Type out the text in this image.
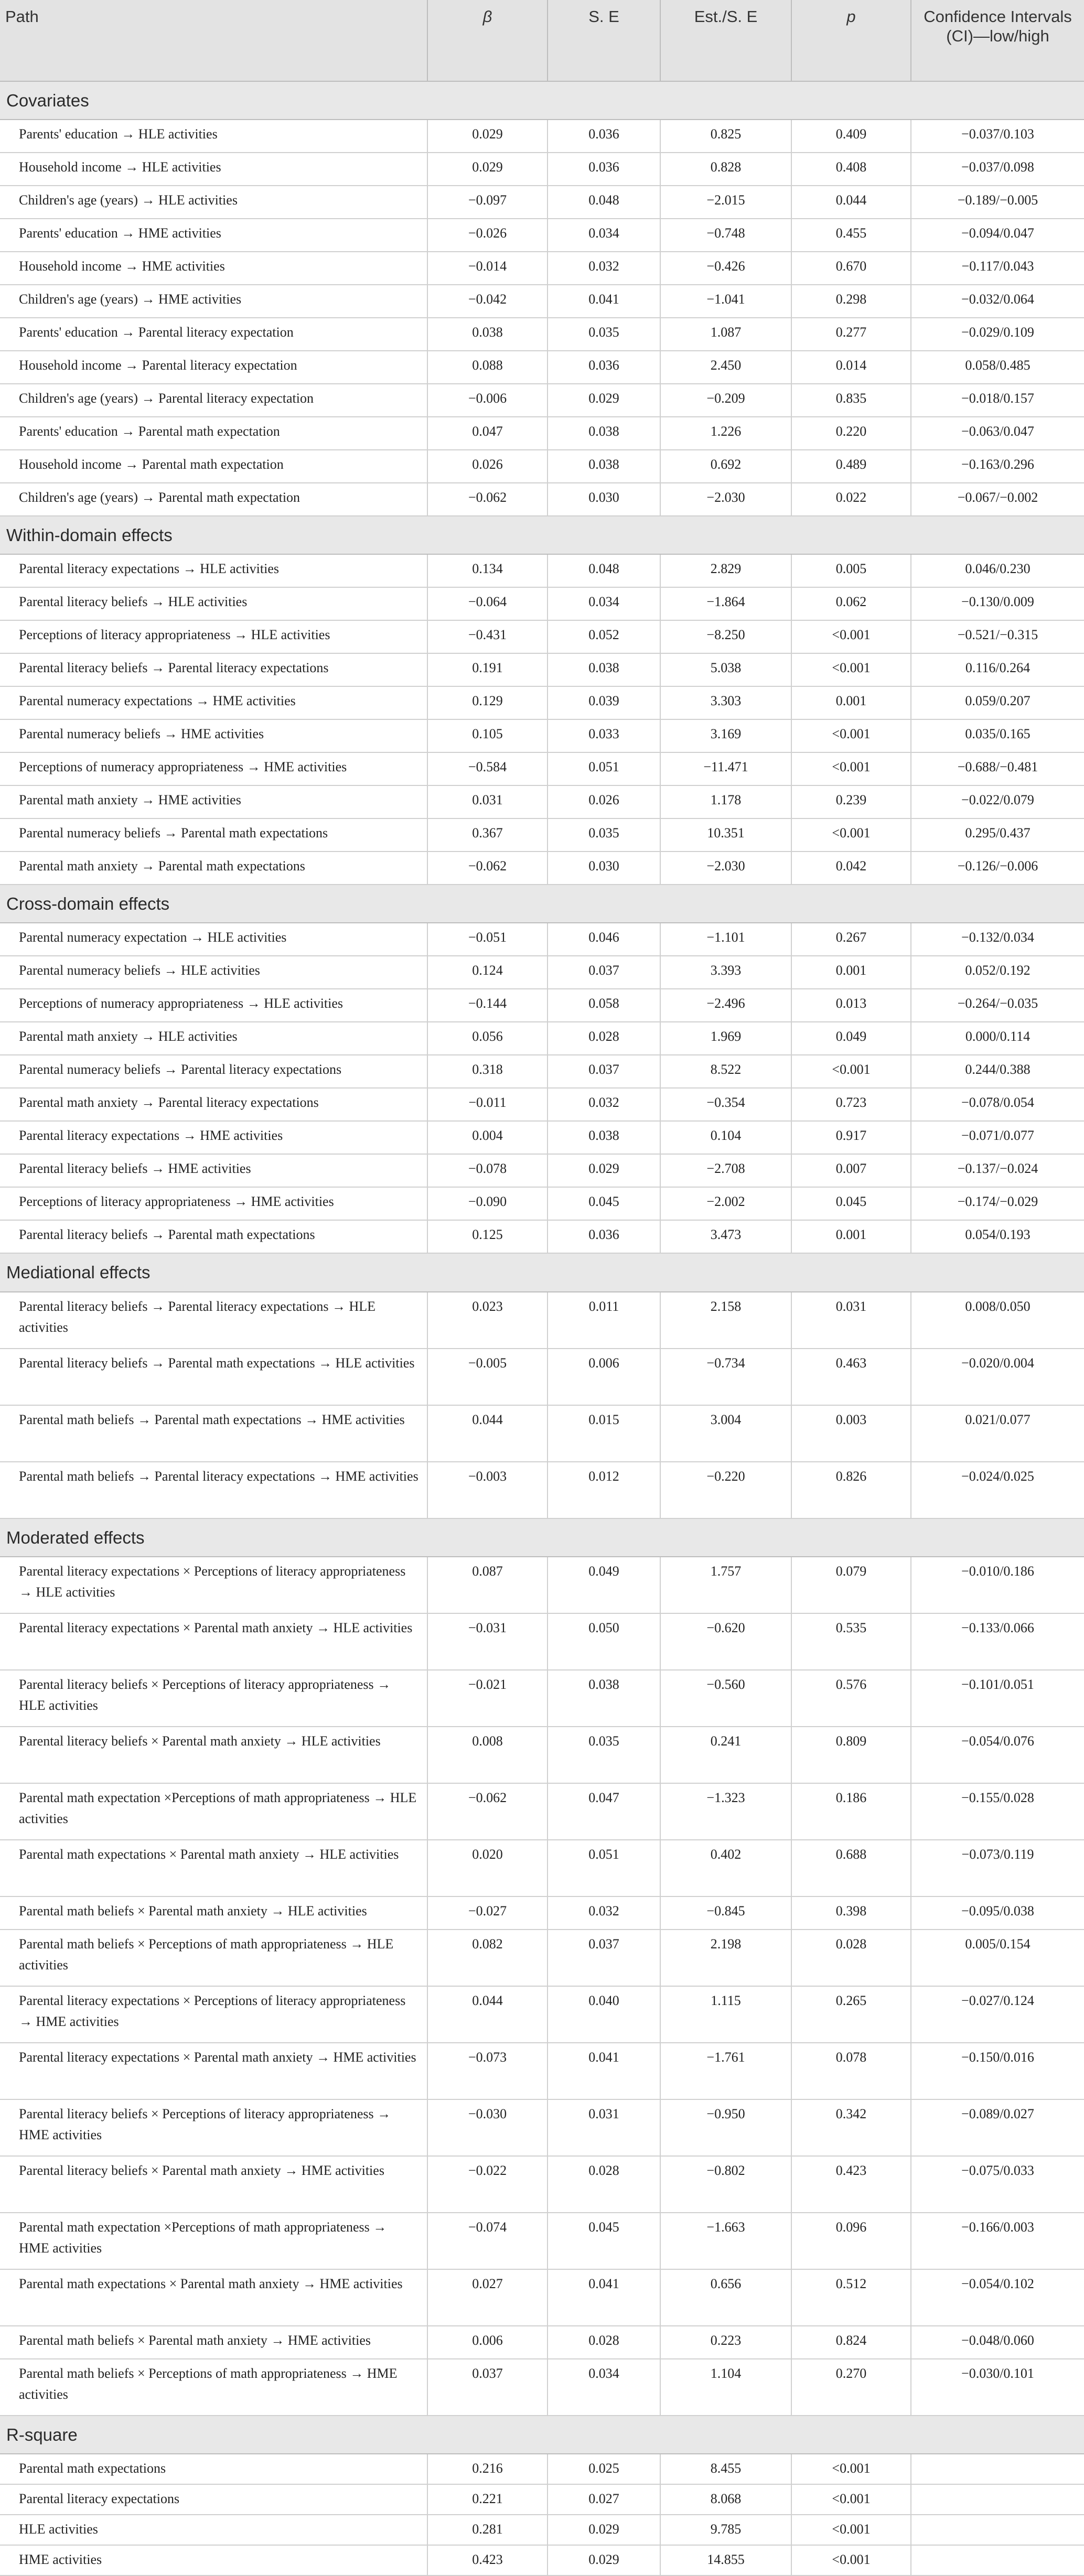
Path	β	S. E	Est./S. E	p	Confidence Intervals (CI)—low/high
Covariates					
Parents' education → HLE activities	0.029	0.036	0.825	0.409	−0.037/0.103
Household income → HLE activities	0.029	0.036	0.828	0.408	−0.037/0.098
Children's age (years) → HLE activities	−0.097	0.048	−2.015	0.044	−0.189/−0.005
Parents' education → HME activities	−0.026	0.034	−0.748	0.455	−0.094/0.047
Household income → HME activities	−0.014	0.032	−0.426	0.670	−0.117/0.043
Children's age (years) → HME activities	−0.042	0.041	−1.041	0.298	−0.032/0.064
Parents' education → Parental literacy expectation	0.038	0.035	1.087	0.277	−0.029/0.109
Household income → Parental literacy expectation	0.088	0.036	2.450	0.014	0.058/0.485
Children's age (years) → Parental literacy expectation	−0.006	0.029	−0.209	0.835	−0.018/0.157
Parents' education → Parental math expectation	0.047	0.038	1.226	0.220	−0.063/0.047
Household income → Parental math expectation	0.026	0.038	0.692	0.489	−0.163/0.296
Children's age (years) → Parental math expectation	−0.062	0.030	−2.030	0.022	−0.067/−0.002
Within-domain effects					
Parental literacy expectations → HLE activities	0.134	0.048	2.829	0.005	0.046/0.230
Parental literacy beliefs → HLE activities	−0.064	0.034	−1.864	0.062	−0.130/0.009
Perceptions of literacy appropriateness → HLE activities	−0.431	0.052	−8.250	<0.001	−0.521/−0.315
Parental literacy beliefs → Parental literacy expectations	0.191	0.038	5.038	<0.001	0.116/0.264
Parental numeracy expectations → HME activities	0.129	0.039	3.303	0.001	0.059/0.207
Parental numeracy beliefs → HME activities	0.105	0.033	3.169	<0.001	0.035/0.165
Perceptions of numeracy appropriateness → HME activities	−0.584	0.051	−11.471	<0.001	−0.688/−0.481
Parental math anxiety → HME activities	0.031	0.026	1.178	0.239	−0.022/0.079
Parental numeracy beliefs → Parental math expectations	0.367	0.035	10.351	<0.001	0.295/0.437
Parental math anxiety → Parental math expectations	−0.062	0.030	−2.030	0.042	−0.126/−0.006
Cross-domain effects					
Parental numeracy expectation → HLE activities	−0.051	0.046	−1.101	0.267	−0.132/0.034
Parental numeracy beliefs → HLE activities	0.124	0.037	3.393	0.001	0.052/0.192
Perceptions of numeracy appropriateness → HLE activities	−0.144	0.058	−2.496	0.013	−0.264/−0.035
Parental math anxiety → HLE activities	0.056	0.028	1.969	0.049	0.000/0.114
Parental numeracy beliefs → Parental literacy expectations	0.318	0.037	8.522	<0.001	0.244/0.388
Parental math anxiety → Parental literacy expectations	−0.011	0.032	−0.354	0.723	−0.078/0.054
Parental literacy expectations → HME activities	0.004	0.038	0.104	0.917	−0.071/0.077
Parental literacy beliefs → HME activities	−0.078	0.029	−2.708	0.007	−0.137/−0.024
Perceptions of literacy appropriateness → HME activities	−0.090	0.045	−2.002	0.045	−0.174/−0.029
Parental literacy beliefs → Parental math expectations	0.125	0.036	3.473	0.001	0.054/0.193
Mediational effects					
Parental literacy beliefs → Parental literacy expectations → HLE activities	0.023	0.011	2.158	0.031	0.008/0.050
Parental literacy beliefs → Parental math expectations → HLE activities	−0.005	0.006	−0.734	0.463	−0.020/0.004
Parental math beliefs → Parental math expectations → HME activities	0.044	0.015	3.004	0.003	0.021/0.077
Parental math beliefs → Parental literacy expectations → HME activities	−0.003	0.012	−0.220	0.826	−0.024/0.025
Moderated effects					
Parental literacy expectations × Perceptions of literacy appropriateness → HLE activities	0.087	0.049	1.757	0.079	−0.010/0.186
Parental literacy expectations × Parental math anxiety → HLE activities	−0.031	0.050	−0.620	0.535	−0.133/0.066
Parental literacy beliefs × Perceptions of literacy appropriateness → HLE activities	−0.021	0.038	−0.560	0.576	−0.101/0.051
Parental literacy beliefs × Parental math anxiety → HLE activities	0.008	0.035	0.241	0.809	−0.054/0.076
Parental math expectation ×Perceptions of math appropriateness → HLE activities	−0.062	0.047	−1.323	0.186	−0.155/0.028
Parental math expectations × Parental math anxiety → HLE activities	0.020	0.051	0.402	0.688	−0.073/0.119
Parental math beliefs × Parental math anxiety → HLE activities	−0.027	0.032	−0.845	0.398	−0.095/0.038
Parental math beliefs × Perceptions of math appropriateness → HLE activities	0.082	0.037	2.198	0.028	0.005/0.154
Parental literacy expectations × Perceptions of literacy appropriateness → HME activities	0.044	0.040	1.115	0.265	−0.027/0.124
Parental literacy expectations × Parental math anxiety → HME activities	−0.073	0.041	−1.761	0.078	−0.150/0.016
Parental literacy beliefs × Perceptions of literacy appropriateness → HME activities	−0.030	0.031	−0.950	0.342	−0.089/0.027
Parental literacy beliefs × Parental math anxiety → HME activities	−0.022	0.028	−0.802	0.423	−0.075/0.033
Parental math expectation ×Perceptions of math appropriateness → HME activities	−0.074	0.045	−1.663	0.096	−0.166/0.003
Parental math expectations × Parental math anxiety → HME activities	0.027	0.041	0.656	0.512	−0.054/0.102
Parental math beliefs × Parental math anxiety → HME activities	0.006	0.028	0.223	0.824	−0.048/0.060
Parental math beliefs × Perceptions of math appropriateness → HME activities	0.037	0.034	1.104	0.270	−0.030/0.101
R-square					
Parental math expectations	0.216	0.025	8.455	<0.001	
Parental literacy expectations	0.221	0.027	8.068	<0.001	
HLE activities	0.281	0.029	9.785	<0.001	
HME activities	0.423	0.029	14.855	<0.001	
